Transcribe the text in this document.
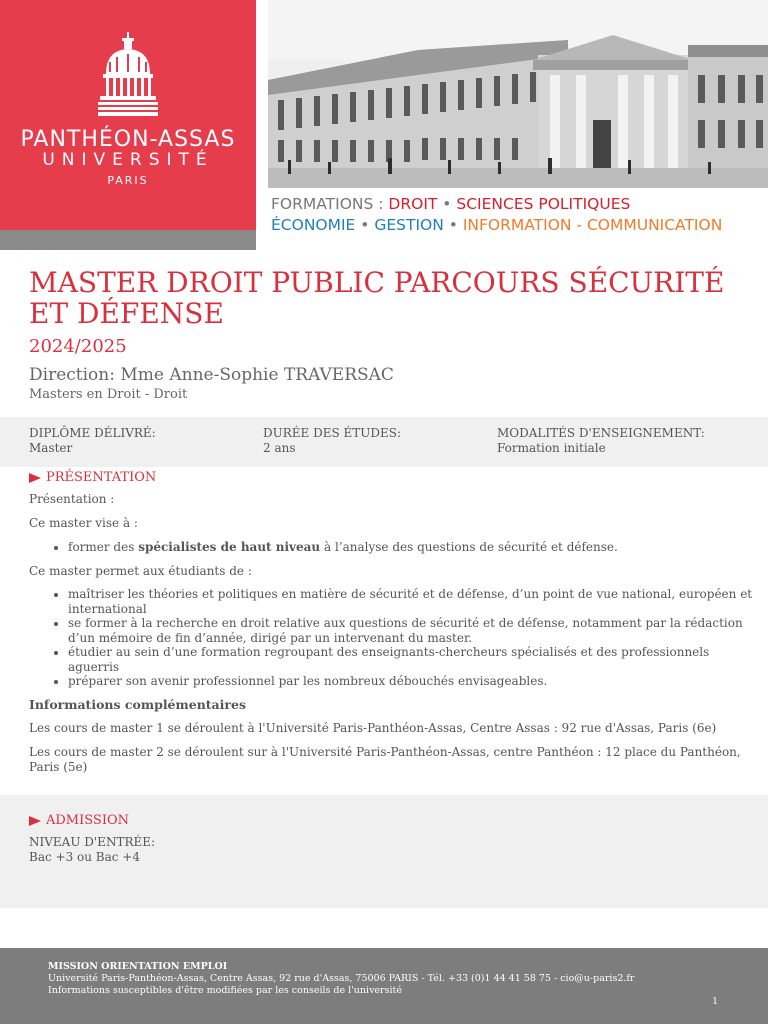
PANTHÉON-ASSAS
UNIVERSITÉ
PARIS
FORMATIONS : DROIT • SCIENCES POLITIQUES
ÉCONOMIE • GESTION • INFORMATION - COMMUNICATION
MASTER DROIT PUBLIC PARCOURS SÉCURITÉ ET DÉFENSE
2024/2025
Direction: Mme Anne-Sophie TRAVERSAC
Masters en Droit - Droit
DIPLÔME DÉLIVRÉ:
Master
DURÉE DES ÉTUDES:
2 ans
MODALITÉS D'ENSEIGNEMENT:
Formation initiale
PRÉSENTATION
Présentation :
Ce master vise à :
• former des spécialistes de haut niveau à l’analyse des questions de sécurité et défense.
Ce master permet aux étudiants de :
• maîtriser les théories et politiques en matière de sécurité et de défense, d’un point de vue national, européen et international
• se former à la recherche en droit relative aux questions de sécurité et de défense, notamment par la rédaction d’un mémoire de fin d’année, dirigé par un intervenant du master.
• étudier au sein d’une formation regroupant des enseignants-chercheurs spécialisés et des professionnels aguerris
• préparer son avenir professionnel par les nombreux débouchés envisageables.
Informations complémentaires
Les cours de master 1 se déroulent à l'Université Paris-Panthéon-Assas, Centre Assas : 92 rue d'Assas, Paris (6e)
Les cours de master 2 se déroulent sur à l'Université Paris-Panthéon-Assas, centre Panthéon : 12 place du Panthéon, Paris (5e)
ADMISSION
NIVEAU D'ENTRÉE:
Bac +3 ou Bac +4
MISSION ORIENTATION EMPLOI
Université Paris-Panthéon-Assas, Centre Assas, 92 rue d'Assas, 75006 PARIS - Tél. +33 (0)1 44 41 58 75 - cio@u-paris2.fr
Informations susceptibles d'être modifiées par les conseils de l'université
1
